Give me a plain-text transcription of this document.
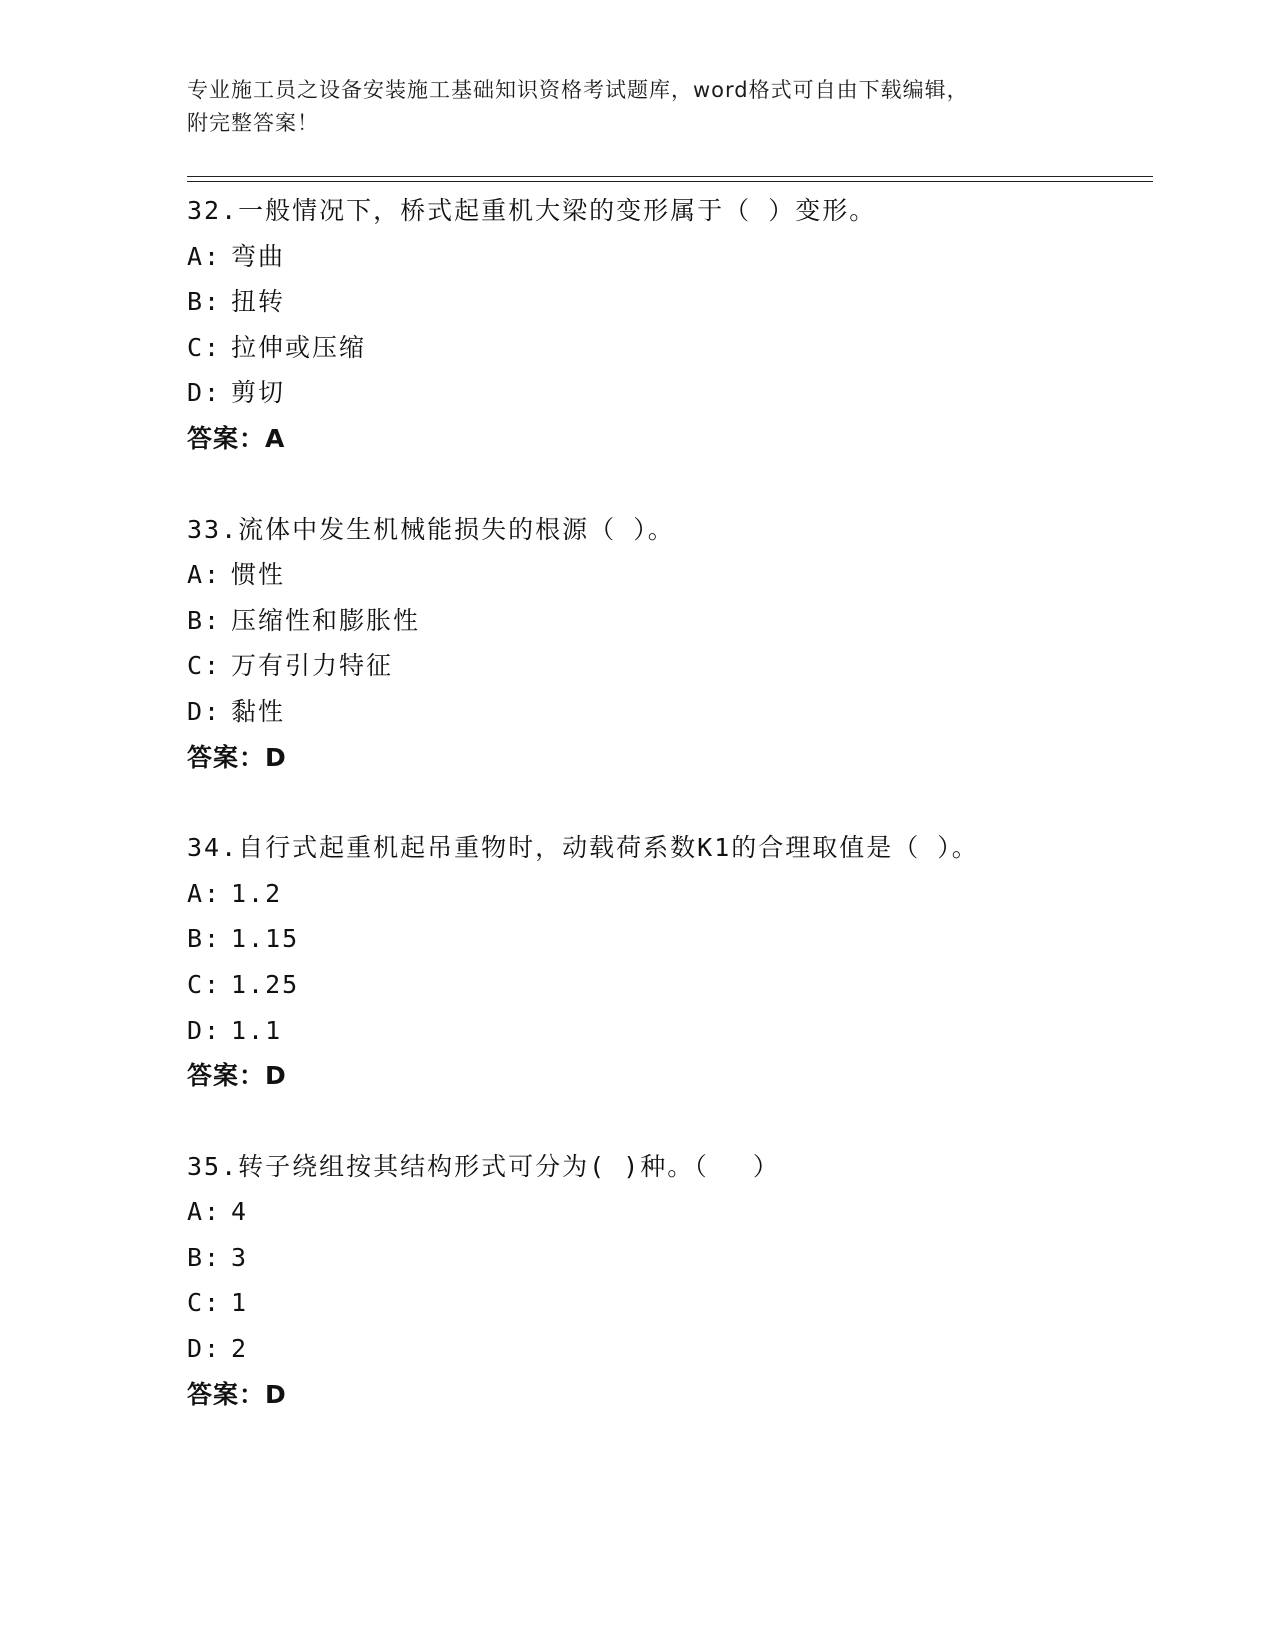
专业施工员之设备安装施工基础知识资格考试题库，word格式可自由下载编辑，
附完整答案！
32.一般情况下，桥式起重机大梁的变形属于（ ）变形。
A: 弯曲
B: 扭转
C: 拉伸或压缩
D: 剪切
答案：A
33.流体中发生机械能损失的根源（ ）。
A: 惯性
B: 压缩性和膨胀性
C: 万有引力特征
D: 黏性
答案：D
34.自行式起重机起吊重物时，动载荷系数K1的合理取值是（ ）。
A: 1.2
B: 1.15
C: 1.25
D: 1.1
答案：D
35.转子绕组按其结构形式可分为( )种。（　 ）
A: 4
B: 3
C: 1
D: 2
答案：D
